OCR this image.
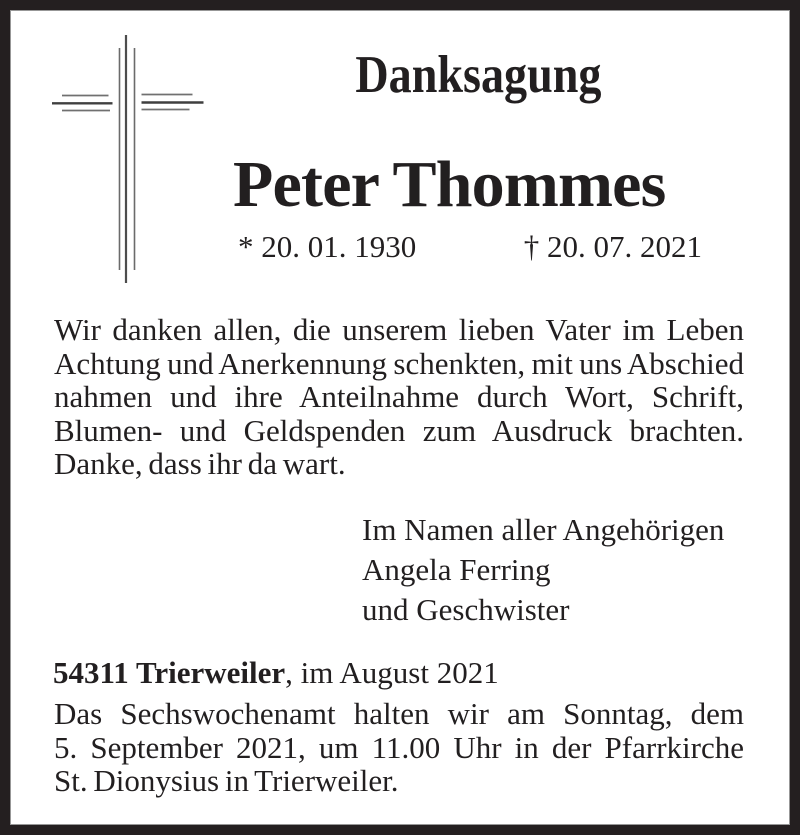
Danksagung
Peter Thommes
* 20. 01. 1930	† 20. 07. 2021
Wir danken allen, die unserem lieben Vater im Leben
Achtung und Anerkennung schenkten, mit uns Abschied
nahmen und ihre Anteilnahme durch Wort, Schrift,
Blumen- und Geldspenden zum Ausdruck brachten.
Danke, dass ihr da wart.
Im Namen aller Angehörigen
Angela Ferring
und Geschwister
54311 Trierweiler, im August 2021
Das Sechswochenamt halten wir am Sonntag, dem
5. September 2021, um 11.00 Uhr in der Pfarrkirche
St. Dionysius in Trierweiler.
